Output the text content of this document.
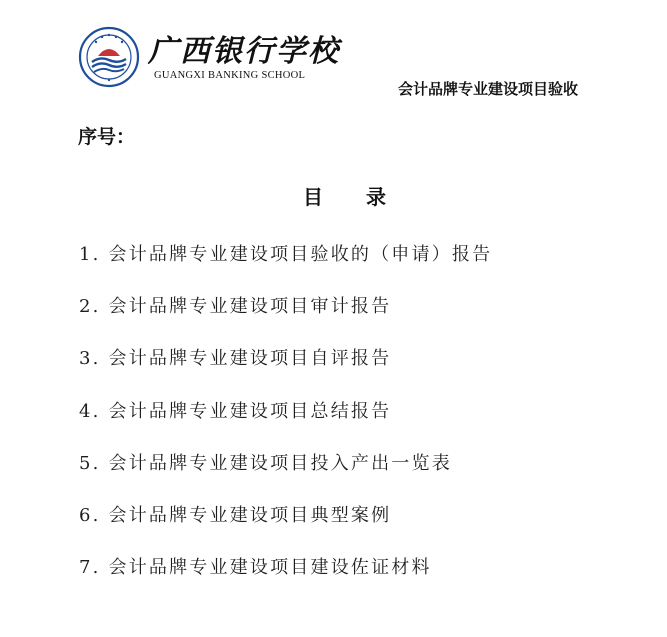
广西银行学校
GUANGXI BANKING SCHOOL
会计品牌专业建设项目验收
序号：
目 录
1. 会计品牌专业建设项目验收的（申请）报告
2. 会计品牌专业建设项目审计报告
3. 会计品牌专业建设项目自评报告
4. 会计品牌专业建设项目总结报告
5. 会计品牌专业建设项目投入产出一览表
6. 会计品牌专业建设项目典型案例
7. 会计品牌专业建设项目建设佐证材料
